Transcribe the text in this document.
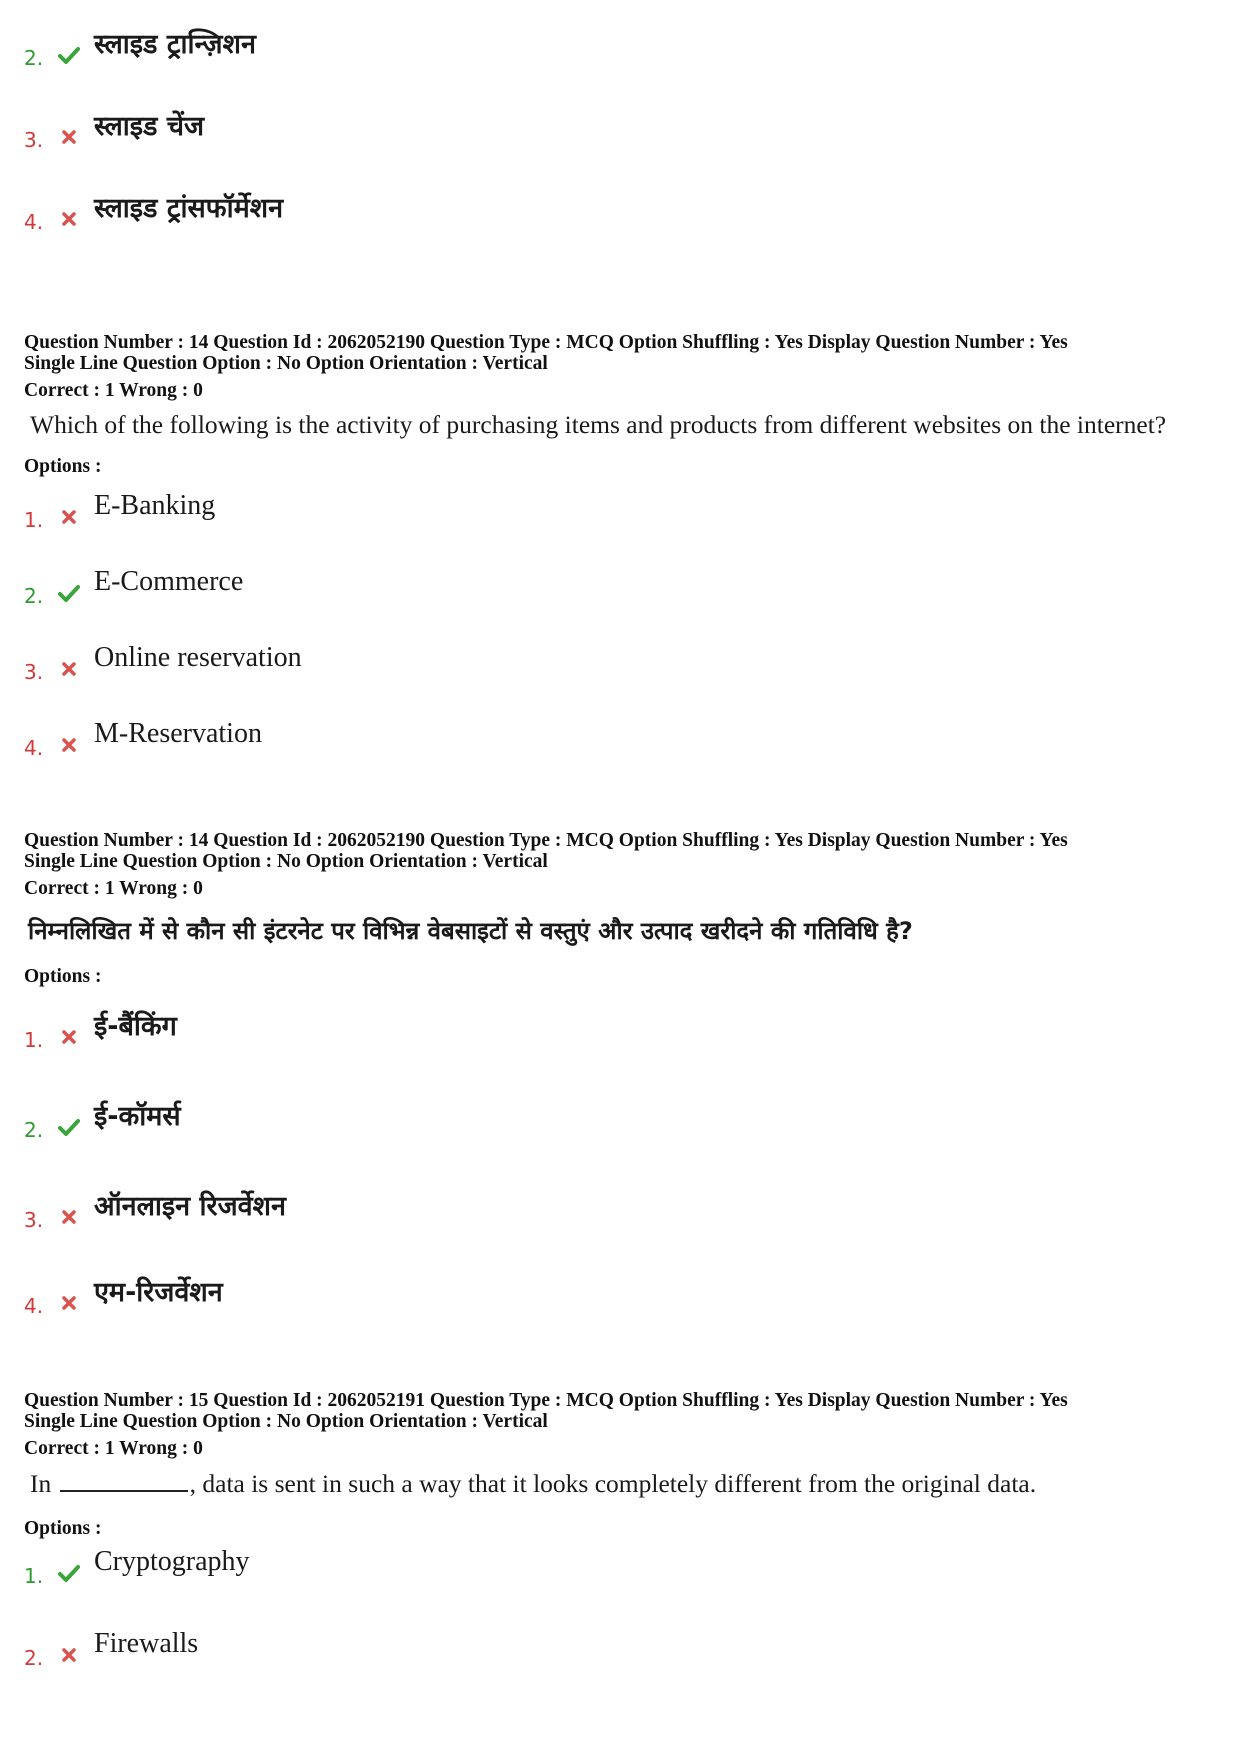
2.	स्लाइड ट्रान्ज़िशन
3.	स्लाइड चेंज
4.	स्लाइड ट्रांसफॉर्मेशन
Question Number : 14 Question Id : 2062052190 Question Type : MCQ Option Shuffling : Yes Display Question Number : Yes
Single Line Question Option : No Option Orientation : Vertical
Correct : 1 Wrong : 0
Which of the following is the activity of purchasing items and products from different websites on the internet?
Options :
1.	E-Banking
2.	E-Commerce
3.	Online reservation
4.	M-Reservation
Question Number : 14 Question Id : 2062052190 Question Type : MCQ Option Shuffling : Yes Display Question Number : Yes
Single Line Question Option : No Option Orientation : Vertical
Correct : 1 Wrong : 0
निम्नलिखित में से कौन सी इंटरनेट पर विभिन्न वेबसाइटों से वस्तुएं और उत्पाद खरीदने की गतिविधि है?
Options :
1.	ई-बैंकिंग
2.	ई-कॉमर्स
3.	ऑनलाइन रिजर्वेशन
4.	एम-रिजर्वेशन
Question Number : 15 Question Id : 2062052191 Question Type : MCQ Option Shuffling : Yes Display Question Number : Yes
Single Line Question Option : No Option Orientation : Vertical
Correct : 1 Wrong : 0
In	, data is sent in such a way that it looks completely different from the original data.
Options :
1.	Cryptography
2.	Firewalls
